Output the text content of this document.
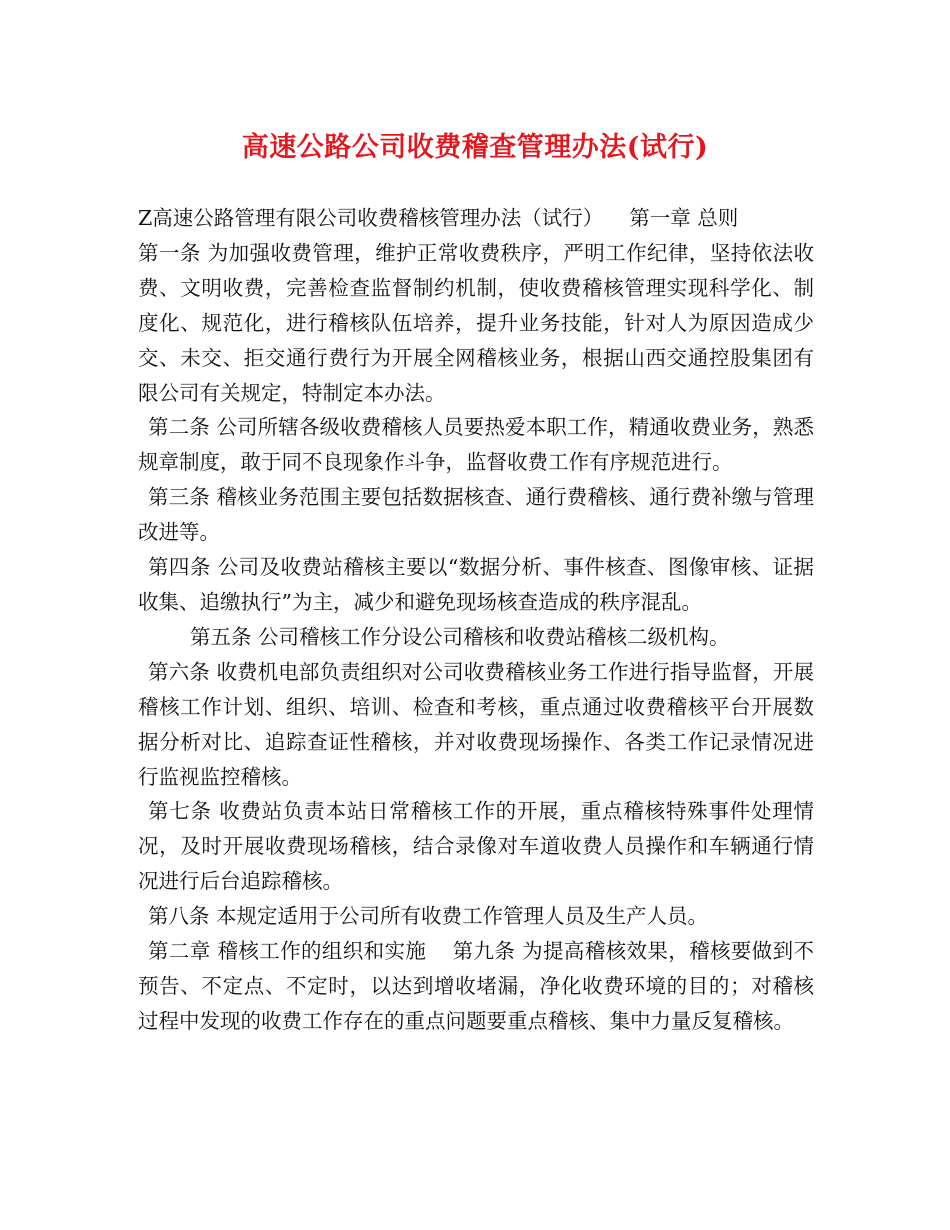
高速公路公司收费稽查管理办法(试行)

Z高速公路管理有限公司收费稽核管理办法（试行） 第一章 总则

第一条 为加强收费管理，维护正常收费秩序，严明工作纪律，坚持依法收费、文明收费，完善检查监督制约机制，使收费稽核管理实现科学化、制度化、规范化，进行稽核队伍培养，提升业务技能，针对人为原因造成少交、未交、拒交通行费行为开展全网稽核业务，根据山西交通控股集团有限公司有关规定，特制定本办法。

第二条 公司所辖各级收费稽核人员要热爱本职工作，精通收费业务，熟悉规章制度，敢于同不良现象作斗争，监督收费工作有序规范进行。

第三条 稽核业务范围主要包括数据核查、通行费稽核、通行费补缴与管理改进等。

第四条 公司及收费站稽核主要以“数据分析、事件核查、图像审核、证据收集、追缴执行”为主，减少和避免现场核查造成的秩序混乱。

第五条 公司稽核工作分设公司稽核和收费站稽核二级机构。

第六条 收费机电部负责组织对公司收费稽核业务工作进行指导监督，开展稽核工作计划、组织、培训、检查和考核，重点通过收费稽核平台开展数据分析对比、追踪查证性稽核，并对收费现场操作、各类工作记录情况进行监视监控稽核。

第七条 收费站负责本站日常稽核工作的开展，重点稽核特殊事件处理情况，及时开展收费现场稽核，结合录像对车道收费人员操作和车辆通行情况进行后台追踪稽核。

第八条 本规定适用于公司所有收费工作管理人员及生产人员。

第二章 稽核工作的组织和实施 第九条 为提高稽核效果，稽核要做到不预告、不定点、不定时，以达到增收堵漏，净化收费环境的目的；对稽核过程中发现的收费工作存在的重点问题要重点稽核、集中力量反复稽核。
